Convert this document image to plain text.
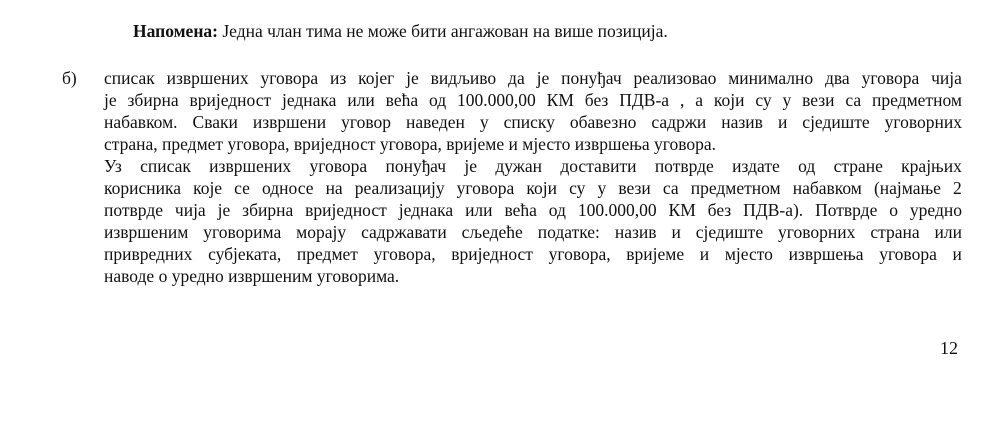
Напомена: Једна члан тима не може бити ангажован на више позиција.
б) списак извршених уговора из којег је видљиво да је понуђач реализовао минимално два уговора чија
је збирна вриједност једнака или већа од 100.000,00 КМ без ПДВ-а , а који су у вези са предметном
набавком. Сваки извршени уговор наведен у списку обавезно садржи назив и сједиште уговорних
страна, предмет уговора, вриједност уговора, вријеме и мјесто извршења уговора.
Уз списак извршених уговора понуђач је дужан доставити потврде издате од стране крајњих
корисника које се односе на реализацију уговора који су у вези са предметном набавком (најмање 2
потврде чија је збирна вриједност једнака или већа од 100.000,00 КМ без ПДВ-а). Потврде о уредно
извршеним уговорима морају садржавати сљедеће податке: назив и сједиште уговорних страна или
привредних субјеката, предмет уговора, вриједност уговора, вријеме и мјесто извршења уговора и
наводе о уредно извршеним уговорима.
12
